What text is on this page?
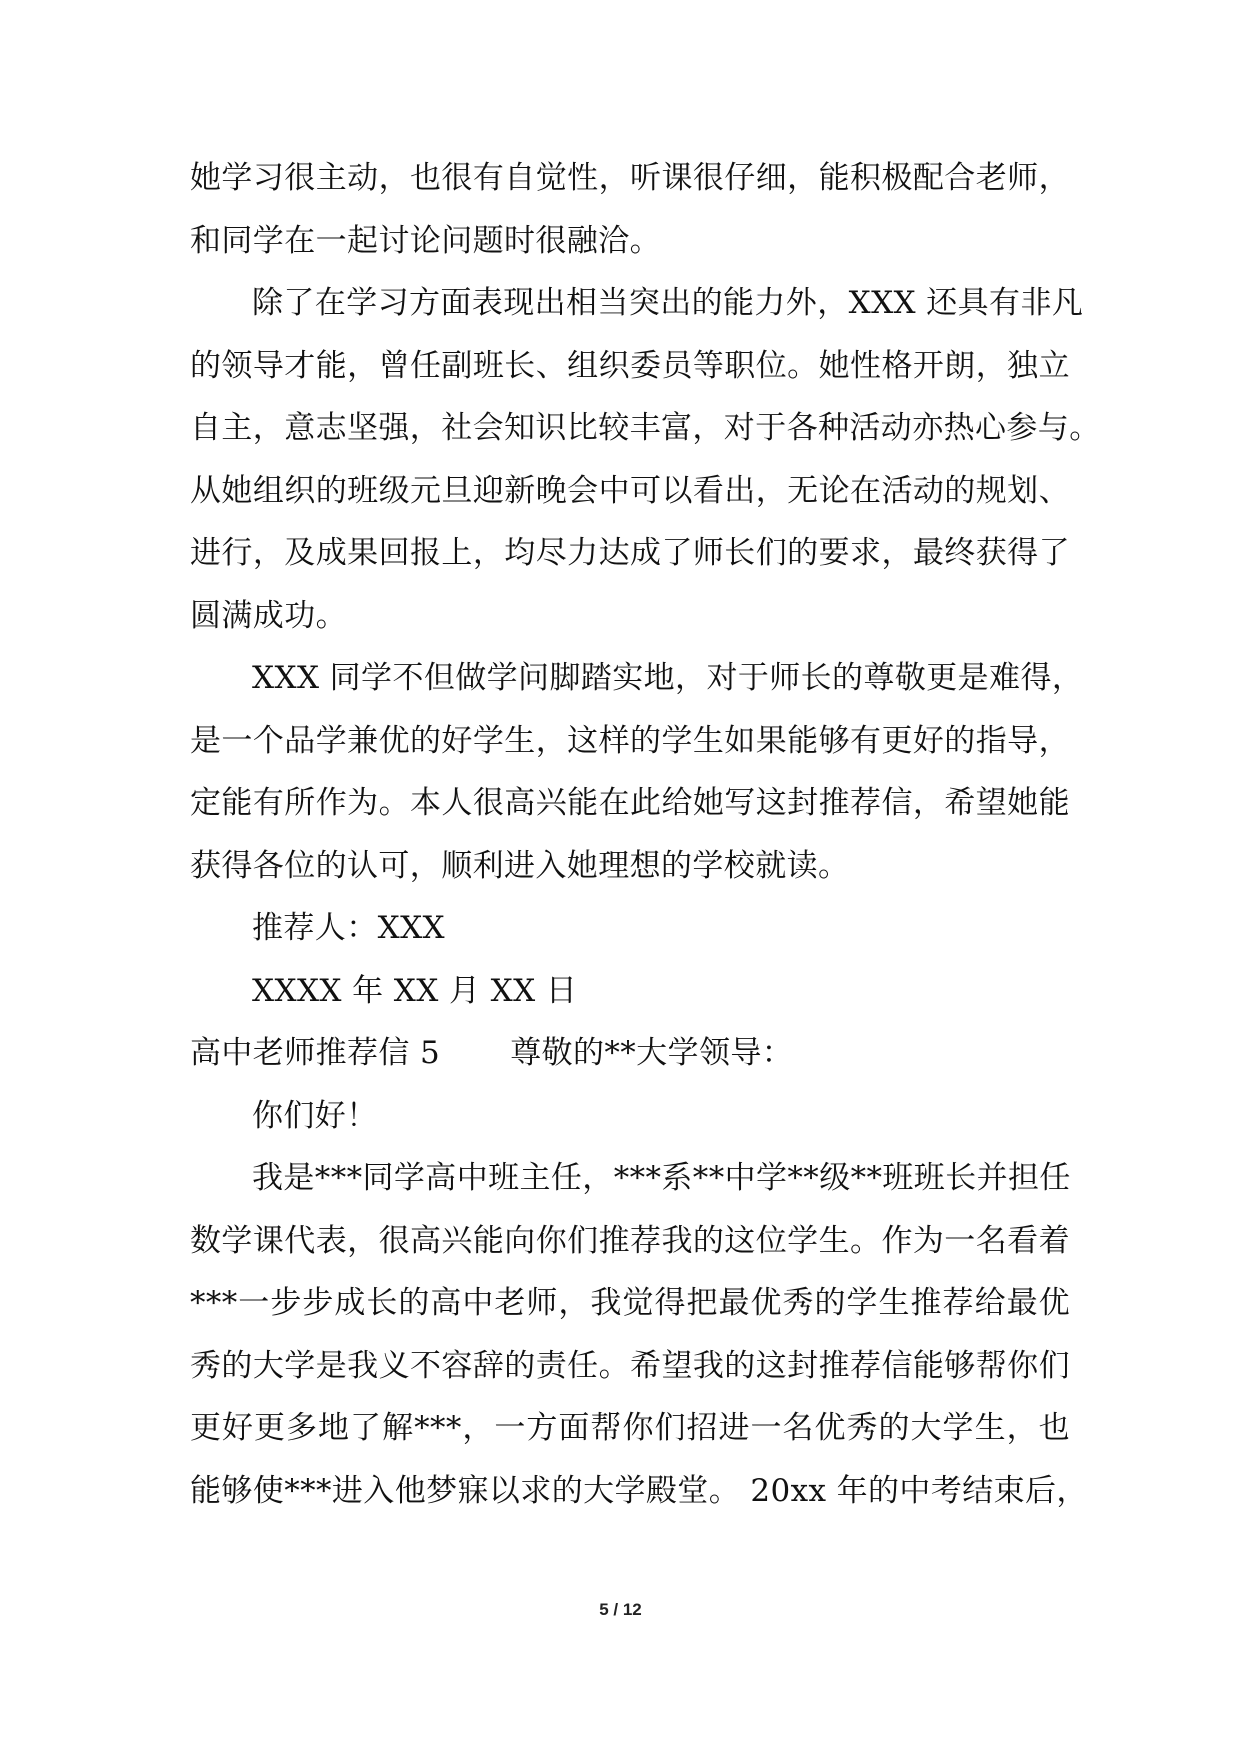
她学习很主动，也很有自觉性，听课很仔细，能积极配合老师，
和同学在一起讨论问题时很融洽。
除了在学习方面表现出相当突出的能力外，XXX 还具有非凡
的领导才能，曾任副班长、组织委员等职位。她性格开朗，独立
自主，意志坚强，社会知识比较丰富，对于各种活动亦热心参与。
从她组织的班级元旦迎新晚会中可以看出，无论在活动的规划、
进行，及成果回报上，均尽力达成了师长们的要求，最终获得了
圆满成功。
XXX 同学不但做学问脚踏实地，对于师长的尊敬更是难得，
是一个品学兼优的好学生，这样的学生如果能够有更好的指导，
定能有所作为。本人很高兴能在此给她写这封推荐信，希望她能
获得各位的认可，顺利进入她理想的学校就读。
推荐人：XXX
XXXX 年 XX 月 XX 日
高中老师推荐信 5 尊敬的**大学领导：
你们好！
我是***同学高中班主任，***系**中学**级**班班长并担任
数学课代表，很高兴能向你们推荐我的这位学生。作为一名看着
***一步步成长的高中老师，我觉得把最优秀的学生推荐给最优
秀的大学是我义不容辞的责任。希望我的这封推荐信能够帮你们
更好更多地了解***，一方面帮你们招进一名优秀的大学生，也
能够使***进入他梦寐以求的大学殿堂。 20xx 年的中考结束后，
5 / 12
